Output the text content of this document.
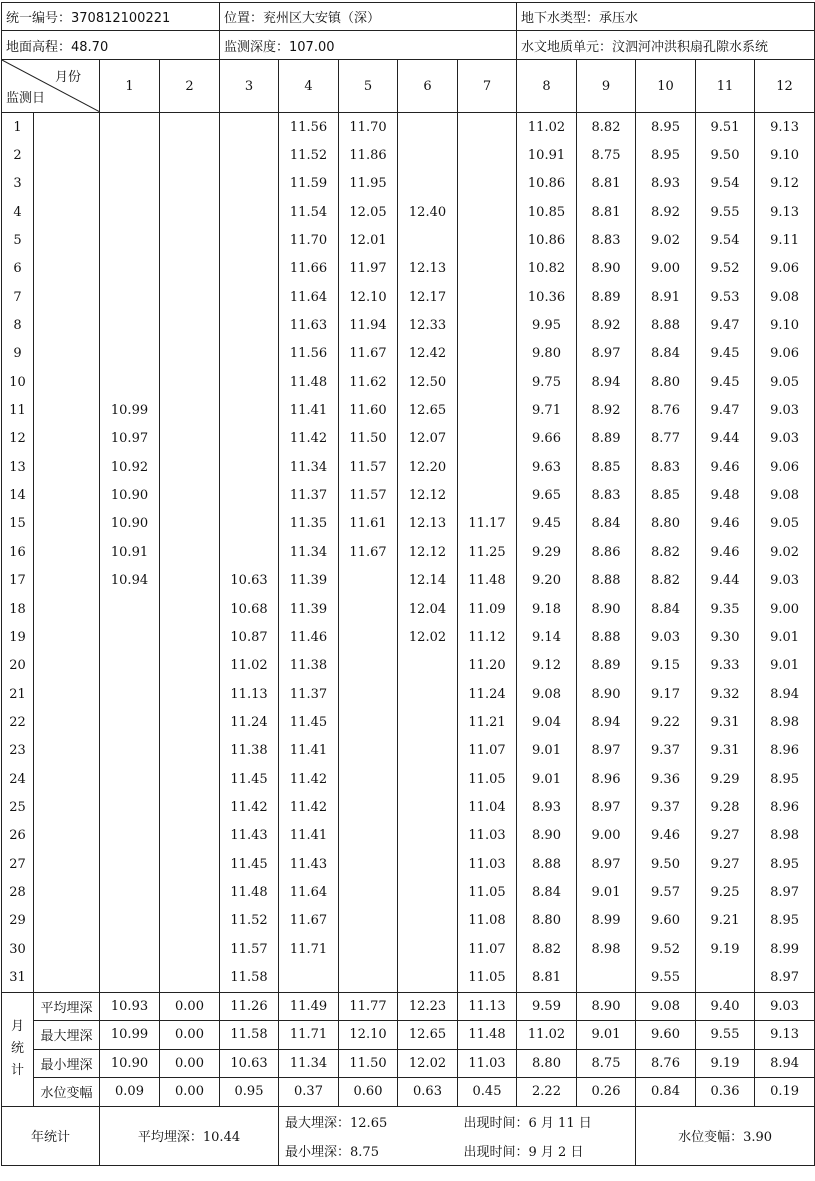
统一编号：370812100221				位置：兖州区大安镇（深）					地下水类型：承压水				
地面高程：48.70				监测深度：107.00					水文地质单元：汶泗河冲洪积扇孔隙水系统				

月份
监测日		1	2	3	4	5	6	7	8	9	10	11	12
1					11.56	11.70			11.02	8.82	8.95	9.51	9.13
2					11.52	11.86			10.91	8.75	8.95	9.50	9.10
3					11.59	11.95			10.86	8.81	8.93	9.54	9.12
4					11.54	12.05	12.40		10.85	8.81	8.92	9.55	9.13
5					11.70	12.01			10.86	8.83	9.02	9.54	9.11
6					11.66	11.97	12.13		10.82	8.90	9.00	9.52	9.06
7					11.64	12.10	12.17		10.36	8.89	8.91	9.53	9.08
8					11.63	11.94	12.33		9.95	8.92	8.88	9.47	9.10
9					11.56	11.67	12.42		9.80	8.97	8.84	9.45	9.06
10					11.48	11.62	12.50		9.75	8.94	8.80	9.45	9.05
11		10.99			11.41	11.60	12.65		9.71	8.92	8.76	9.47	9.03
12		10.97			11.42	11.50	12.07		9.66	8.89	8.77	9.44	9.03
13		10.92			11.34	11.57	12.20		9.63	8.85	8.83	9.46	9.06
14		10.90			11.37	11.57	12.12		9.65	8.83	8.85	9.48	9.08
15		10.90			11.35	11.61	12.13	11.17	9.45	8.84	8.80	9.46	9.05
16		10.91			11.34	11.67	12.12	11.25	9.29	8.86	8.82	9.46	9.02
17		10.94		10.63	11.39		12.14	11.48	9.20	8.88	8.82	9.44	9.03
18				10.68	11.39		12.04	11.09	9.18	8.90	8.84	9.35	9.00
19				10.87	11.46		12.02	11.12	9.14	8.88	9.03	9.30	9.01
20				11.02	11.38			11.20	9.12	8.89	9.15	9.33	9.01
21				11.13	11.37			11.24	9.08	8.90	9.17	9.32	8.94
22				11.24	11.45			11.21	9.04	8.94	9.22	9.31	8.98
23				11.38	11.41			11.07	9.01	8.97	9.37	9.31	8.96
24				11.45	11.42			11.05	9.01	8.96	9.36	9.29	8.95
25				11.42	11.42			11.04	8.93	8.97	9.37	9.28	8.96
26				11.43	11.41			11.03	8.90	9.00	9.46	9.27	8.98
27				11.45	11.43			11.03	8.88	8.97	9.50	9.27	8.95
28				11.48	11.64			11.05	8.84	9.01	9.57	9.25	8.97
29				11.52	11.67			11.08	8.80	8.99	9.60	9.21	8.95
30				11.57	11.71			11.07	8.82	8.98	9.52	9.19	8.99
31				11.58				11.05	8.81		9.55		8.97

月
统
计	平均埋深	10.93	0.00	11.26	11.49	11.77	12.23	11.13	9.59	8.90	9.08	9.40	9.03
	最大埋深	10.99	0.00	11.58	11.71	12.10	12.65	11.48	11.02	9.01	9.60	9.55	9.13
	最小埋深	10.90	0.00	10.63	11.34	11.50	12.02	11.03	8.80	8.75	8.76	9.19	8.94
	水位变幅	0.09	0.00	0.95	0.37	0.60	0.63	0.45	2.22	0.26	0.84	0.36	0.19
年统计		平均埋深：10.44			最大埋深：12.65			出现时间：6 月 11 日			水位变幅：3.90		
					最小埋深：8.75			出现时间：9 月 2 日					
